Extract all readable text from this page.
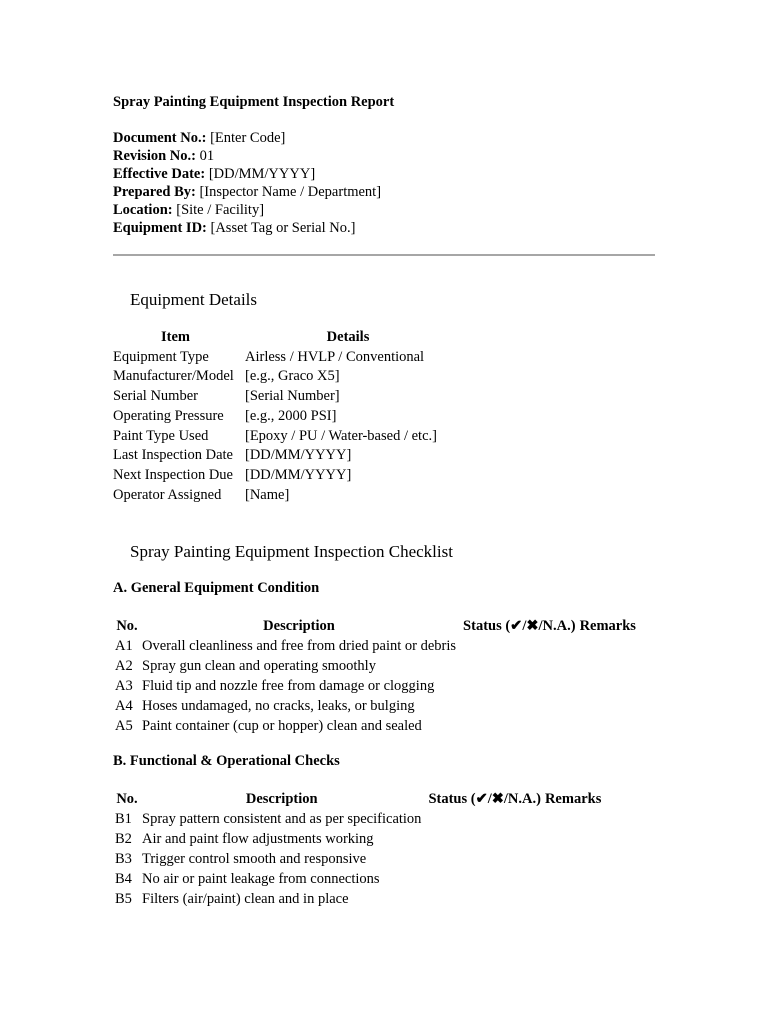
Spray Painting Equipment Inspection Report
Document No.: [Enter Code]
Revision No.: 01
Effective Date: [DD/MM/YYYY]
Prepared By: [Inspector Name / Department]
Location: [Site / Facility]
Equipment ID: [Asset Tag or Serial No.]
Equipment Details
Item	Details
Equipment Type	Airless / HVLP / Conventional
Manufacturer/Model	[e.g., Graco X5]
Serial Number	[Serial Number]
Operating Pressure	[e.g., 2000 PSI]
Paint Type Used	[Epoxy / PU / Water-based / etc.]
Last Inspection Date	[DD/MM/YYYY]
Next Inspection Due	[DD/MM/YYYY]
Operator Assigned	[Name]
Spray Painting Equipment Inspection Checklist
A. General Equipment Condition
No.	Description	Status (✔/✖/N.A.)	Remarks
A1	Overall cleanliness and free from dried paint or debris		
A2	Spray gun clean and operating smoothly		
A3	Fluid tip and nozzle free from damage or clogging		
A4	Hoses undamaged, no cracks, leaks, or bulging		
A5	Paint container (cup or hopper) clean and sealed		
B. Functional & Operational Checks
No.	Description	Status (✔/✖/N.A.)	Remarks
B1	Spray pattern consistent and as per specification		
B2	Air and paint flow adjustments working		
B3	Trigger control smooth and responsive		
B4	No air or paint leakage from connections		
B5	Filters (air/paint) clean and in place		
